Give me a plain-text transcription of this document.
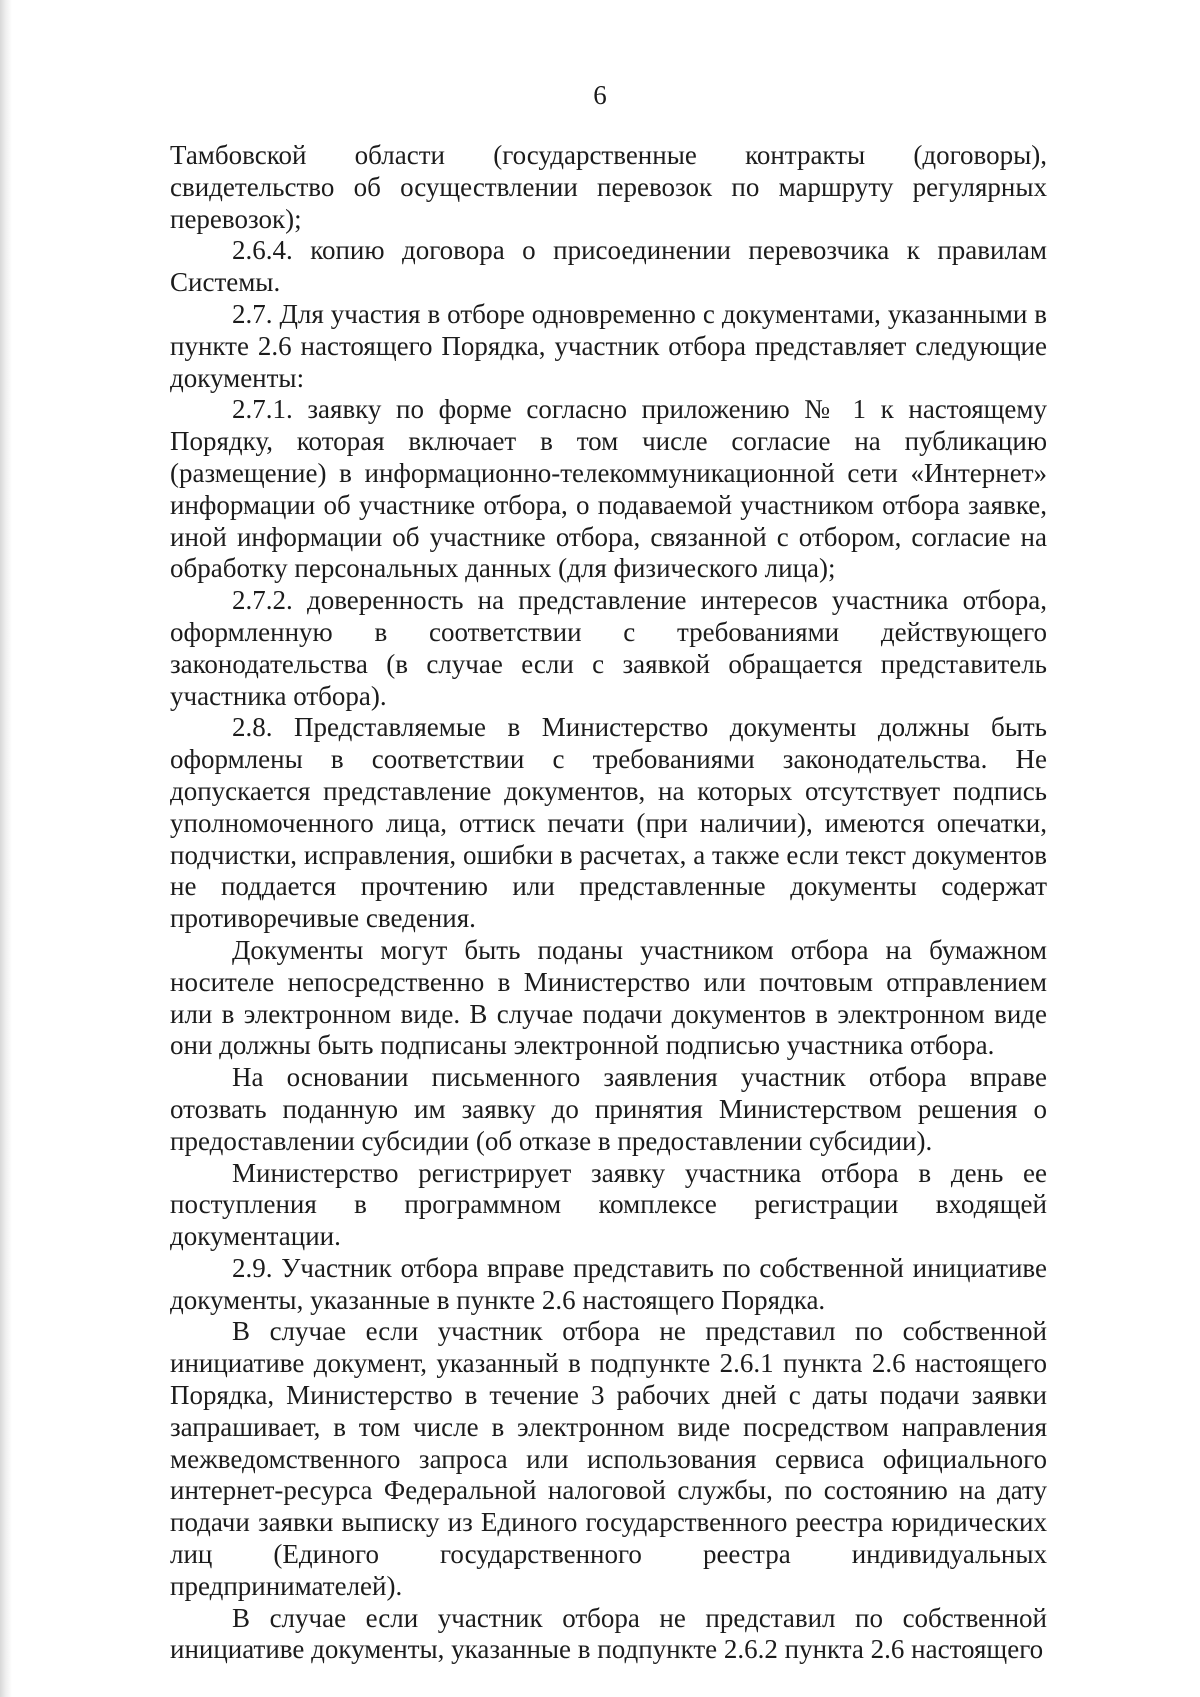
6

Тамбовской области (государственные контракты (договоры), свидетельство об осуществлении перевозок по маршруту регулярных перевозок);

2.6.4. копию договора о присоединении перевозчика к правилам Системы.

2.7. Для участия в отборе одновременно с документами, указанными в пункте 2.6 настоящего Порядка, участник отбора представляет следующие документы:

2.7.1. заявку по форме согласно приложению № 1 к настоящему Порядку, которая включает в том числе согласие на публикацию (размещение) в информационно-телекоммуникационной сети «Интернет» информации об участнике отбора, о подаваемой участником отбора заявке, иной информации об участнике отбора, связанной с отбором, согласие на обработку персональных данных (для физического лица);

2.7.2. доверенность на представление интересов участника отбора, оформленную в соответствии с требованиями действующего законодательства (в случае если с заявкой обращается представитель участника отбора).

2.8. Представляемые в Министерство документы должны быть оформлены в соответствии с требованиями законодательства. Не допускается представление документов, на которых отсутствует подпись уполномоченного лица, оттиск печати (при наличии), имеются опечатки, подчистки, исправления, ошибки в расчетах, а также если текст документов не поддается прочтению или представленные документы содержат противоречивые сведения.

Документы могут быть поданы участником отбора на бумажном носителе непосредственно в Министерство или почтовым отправлением или в электронном виде. В случае подачи документов в электронном виде они должны быть подписаны электронной подписью участника отбора.

На основании письменного заявления участник отбора вправе отозвать поданную им заявку до принятия Министерством решения о предоставлении субсидии (об отказе в предоставлении субсидии).

Министерство регистрирует заявку участника отбора в день ее поступления в программном комплексе регистрации входящей документации.

2.9. Участник отбора вправе представить по собственной инициативе документы, указанные в пункте 2.6 настоящего Порядка.

В случае если участник отбора не представил по собственной инициативе документ, указанный в подпункте 2.6.1 пункта 2.6 настоящего Порядка, Министерство в течение 3 рабочих дней с даты подачи заявки запрашивает, в том числе в электронном виде посредством направления межведомственного запроса или использования сервиса официального интернет-ресурса Федеральной налоговой службы, по состоянию на дату подачи заявки выписку из Единого государственного реестра юридических лиц (Единого государственного реестра индивидуальных предпринимателей).

В случае если участник отбора не представил по собственной инициативе документы, указанные в подпункте 2.6.2 пункта 2.6 настоящего
